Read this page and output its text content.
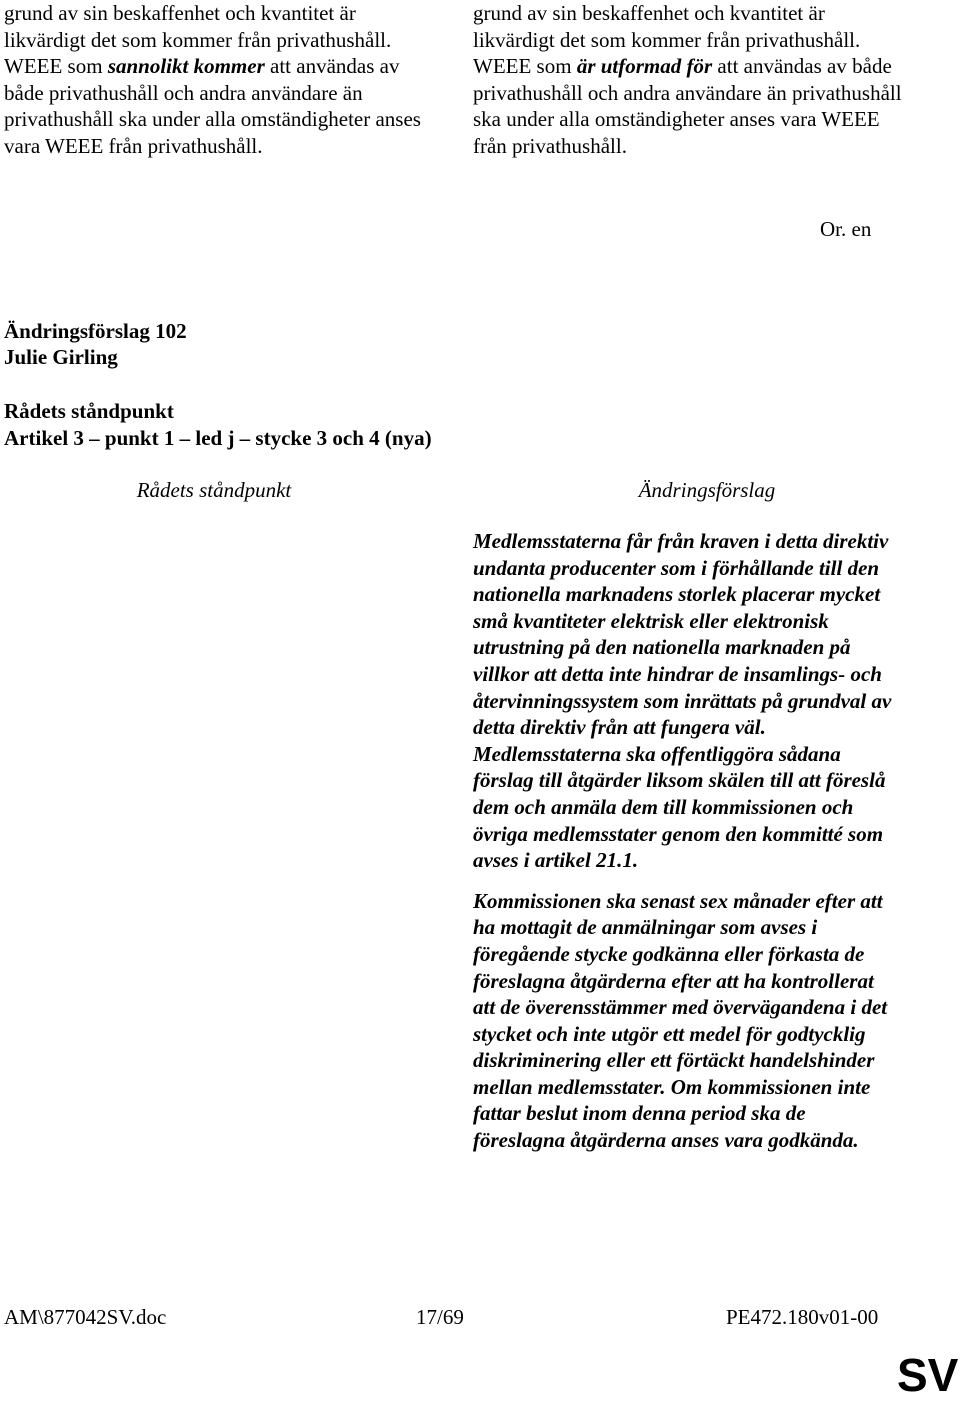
grund av sin beskaffenhet och kvantitet är likvärdigt det som kommer från privathushåll. WEEE som sannolikt kommer att användas av både privathushåll och andra användare än privathushåll ska under alla omständigheter anses vara WEEE från privathushåll.

grund av sin beskaffenhet och kvantitet är likvärdigt det som kommer från privathushåll. WEEE som är utformad för att användas av både privathushåll och andra användare än privathushåll ska under alla omständigheter anses vara WEEE från privathushåll.

Or. en
Ändringsförslag 102
Julie Girling
Rådets ståndpunkt
Artikel 3 – punkt 1 – led j – stycke 3 och 4 (nya)
Rådets ståndpunkt	Ändringsförslag

Medlemsstaterna får från kraven i detta direktiv undanta producenter som i förhållande till den nationella marknadens storlek placerar mycket små kvantiteter elektrisk eller elektronisk utrustning på den nationella marknaden på villkor att detta inte hindrar de insamlings- och återvinningssystem som inrättats på grundval av detta direktiv från att fungera väl. Medlemsstaterna ska offentliggöra sådana förslag till åtgärder liksom skälen till att föreslå dem och anmäla dem till kommissionen och övriga medlemsstater genom den kommitté som avses i artikel 21.1.

Kommissionen ska senast sex månader efter att ha mottagit de anmälningar som avses i föregående stycke godkänna eller förkasta de föreslagna åtgärderna efter att ha kontrollerat att de överensstämmer med övervägandena i det stycket och inte utgör ett medel för godtycklig diskriminering eller ett förtäckt handelshinder mellan medlemsstater. Om kommissionen inte fattar beslut inom denna period ska de föreslagna åtgärderna anses vara godkända.

AM\877042SV.doc	17/69	PE472.180v01-00
SV
